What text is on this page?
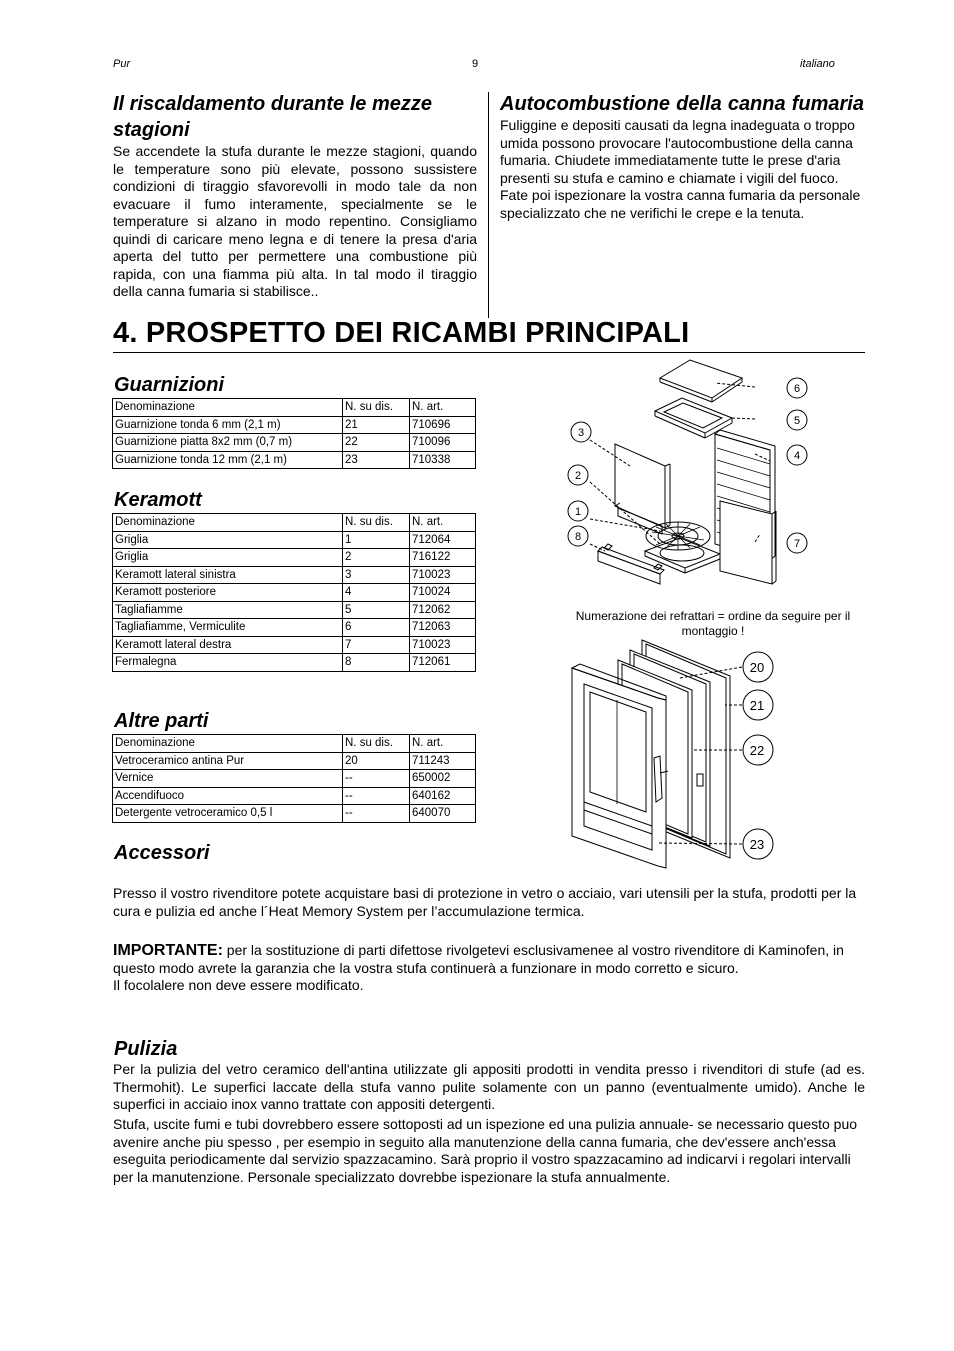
Pur	9	italiano
Il riscaldamento durante le mezze stagioni
Se accendete la stufa durante le mezze stagioni, quando le temperature sono più elevate, possono sussistere condizioni di tiraggio sfavorevolli in modo tale da non evacuare il fumo interamente, specialmente se le temperature si alzano in modo repentino. Consigliamo quindi di caricare meno legna e di tenere la presa d'aria aperta del tutto per permettere una combustione più rapida, con una fiamma più alta. In tal modo il tiraggio della canna fumaria si stabilisce..
Autocombustione della canna fumaria
Fuliggine e depositi causati da legna inadeguata o troppo umida possono provocare l'autocombustione della canna fumaria. Chiudete immediatamente tutte le prese d'aria presenti su stufa e camino e chiamate i vigili del fuoco. Fate poi ispezionare la vostra canna fumaria da personale specializzato che ne verifichi le crepe e la tenuta.
4. PROSPETTO DEI RICAMBI PRINCIPALI
Guarnizioni
Denominazione	N. su dis.	N. art.
Guarnizione tonda 6 mm (2,1 m)	21	710696
Guarnizione piatta 8x2 mm (0,7 m)	22	710096
Guarnizione tonda 12 mm (2,1 m)	23	710338
Keramott
Denominazione	N. su dis.	N. art.
Griglia	1	712064
Griglia	2	716122
Keramott lateral sinistra	3	710023
Keramott posteriore	4	710024
Tagliafiamme	5	712062
Tagliafiamme, Vermiculite	6	712063
Keramott lateral destra	7	710023
Fermalegna	8	712061
Altre parti
Denominazione	N. su dis.	N. art.
Vetroceramico antina Pur	20	711243
Vernice	--	650002
Accendifuoco	--	640162
Detergente vetroceramico 0,5 l	--	640070
6
5
4
7
3
2
1
8
Numerazione dei refrattari = ordine da seguire per il montaggio !
20
21
22
23
Accessori
Presso il vostro rivenditore potete acquistare basi di protezione in vetro o acciaio, vari utensili per la stufa, prodotti per la cura e pulizia ed anche l´Heat Memory System per l’accumulazione termica.
IMPORTANTE: per la sostituzione di parti difettose rivolgetevi esclusivamenee al vostro rivenditore di Kaminofen, in questo modo avrete la garanzia che la vostra stufa continuerà a funzionare in modo corretto e sicuro.
Il focolalere non deve essere modificato.
Pulizia
Per la pulizia del vetro ceramico dell'antina utilizzate gli appositi prodotti in vendita presso i rivenditori di stufe (ad es. Thermohit). Le superfici laccate della stufa vanno pulite solamente con un panno (eventualmente umido). Anche le superfici in acciaio inox vanno trattate con appositi detergenti.
Stufa, uscite fumi e tubi dovrebbero essere sottoposti ad un ispezione ed una pulizia annuale- se necessario questo puo avenire anche piu spesso , per esempio in seguito alla manutenzione della canna fumaria, che dev'essere anch'essa eseguita periodicamente dal servizio spazzacamino. Sarà proprio il vostro spazzacamino ad indicarvi i regolari intervalli per la manutenzione. Personale specializzato dovrebbe ispezionare la stufa annualmente.
